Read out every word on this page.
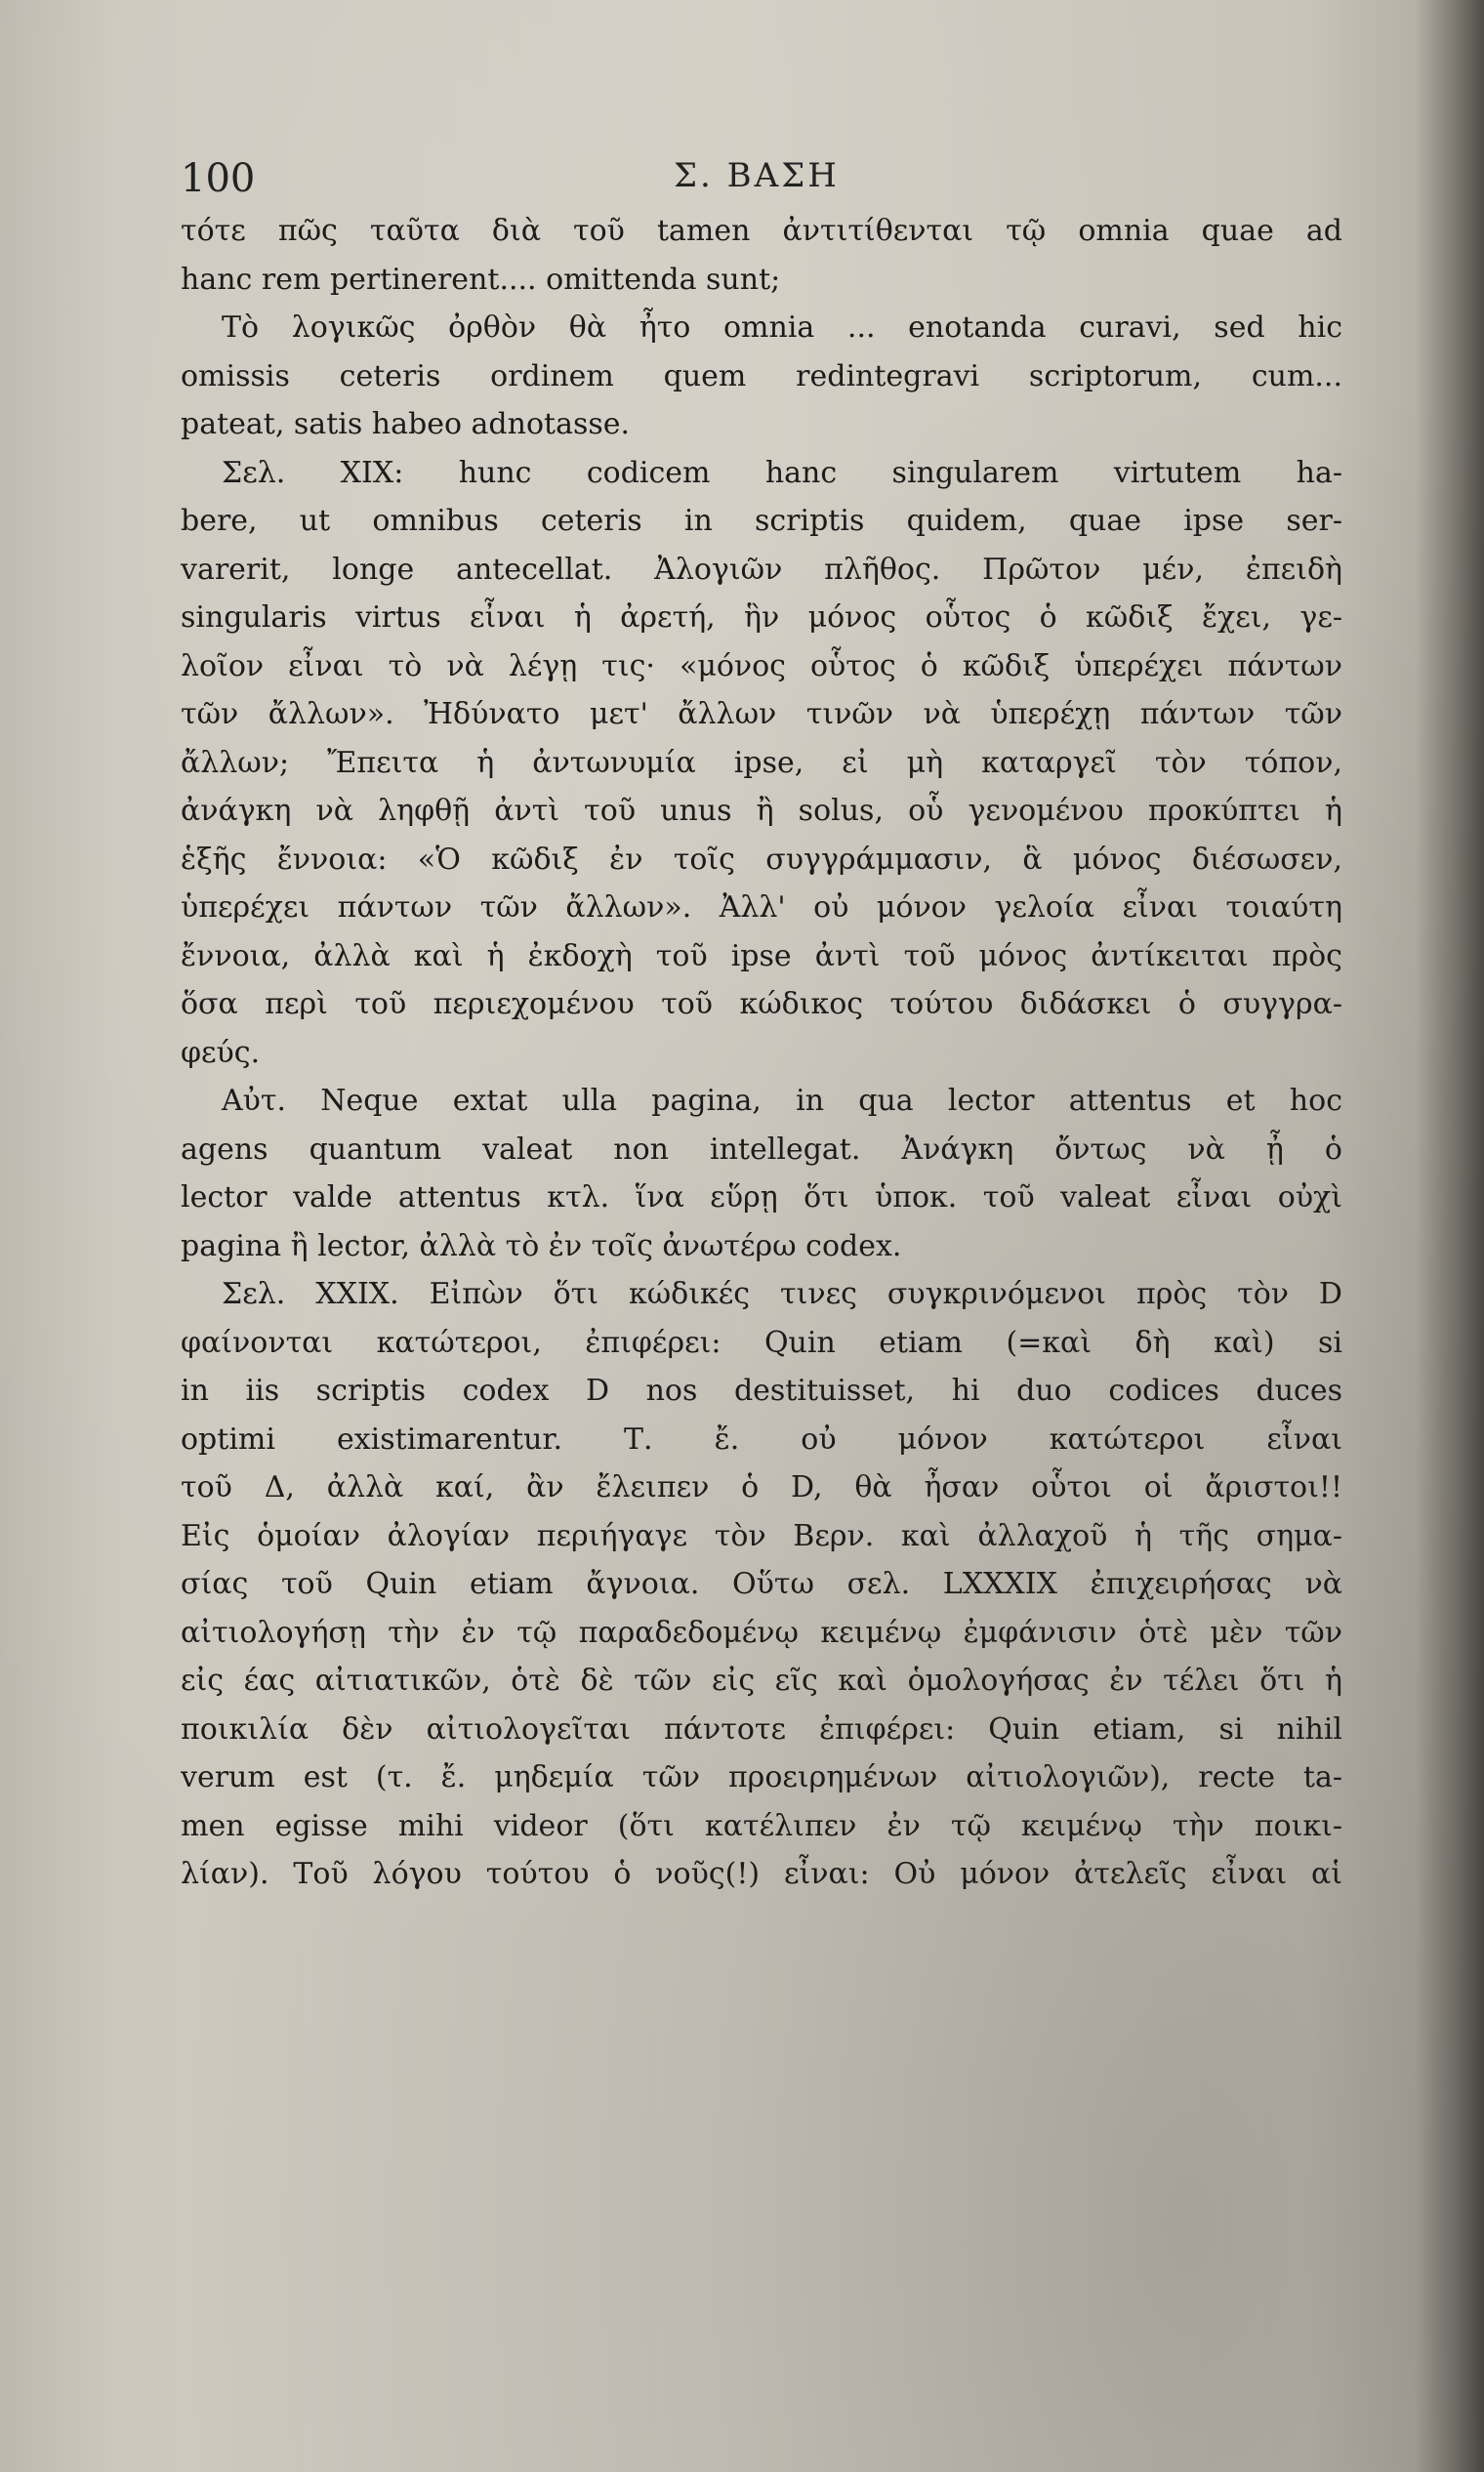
100	Σ. ΒΑΣΗ
τότε πῶς ταῦτα διὰ τοῦ tamen ἀντιτίθενται τῷ omnia quae ad
hanc rem pertinerent.... omittenda sunt;
Τὸ λογικῶς ὀρθὸν θὰ ἦτο omnia ... enotanda curavi, sed hic
omissis ceteris ordinem quem redintegravi scriptorum, cum...
pateat, satis habeo adnotasse.
Σελ. XIX: hunc codicem hanc singularem virtutem ha-
bere, ut omnibus ceteris in scriptis quidem, quae ipse ser-
varerit, longe antecellat. Ἀλογιῶν πλῆθος. Πρῶτον μέν, ἐπειδὴ
singularis virtus εἶναι ἡ ἀρετή, ἣν μόνος οὗτος ὁ κῶδιξ ἔχει, γε-
λοῖον εἶναι τὸ νὰ λέγῃ τις· «μόνος οὗτος ὁ κῶδιξ ὑπερέχει πάντων
τῶν ἄλλων». Ἠδύνατο μετ' ἄλλων τινῶν νὰ ὑπερέχῃ πάντων τῶν
ἄλλων; Ἔπειτα ἡ ἀντωνυμία ipse, εἰ μὴ καταργεῖ τὸν τόπον,
ἀνάγκη νὰ ληφθῇ ἀντὶ τοῦ unus ἢ solus, οὗ γενομένου προκύπτει ἡ
ἑξῆς ἔννοια: «Ὁ κῶδιξ ἐν τοῖς συγγράμμασιν, ἃ μόνος διέσωσεν,
ὑπερέχει πάντων τῶν ἄλλων». Ἀλλ' οὐ μόνον γελοία εἶναι τοιαύτη
ἔννοια, ἀλλὰ καὶ ἡ ἐκδοχὴ τοῦ ipse ἀντὶ τοῦ μόνος ἀντίκειται πρὸς
ὅσα περὶ τοῦ περιεχομένου τοῦ κώδικος τούτου διδάσκει ὁ συγγρα-
φεύς.
Αὐτ. Neque extat ulla pagina, in qua lector attentus et hoc
agens quantum valeat non intellegat. Ἀνάγκη ὄντως νὰ ᾖ ὁ
lector valde attentus κτλ. ἵνα εὕρῃ ὅτι ὑποκ. τοῦ valeat εἶναι οὐχὶ
pagina ἢ lector, ἀλλὰ τὸ ἐν τοῖς ἀνωτέρω codex.
Σελ. XXIX. Εἰπὼν ὅτι κώδικές τινες συγκρινόμενοι πρὸς τὸν D
φαίνονται κατώτεροι, ἐπιφέρει: Quin etiam (=καὶ δὴ καὶ) si
in iis scriptis codex D nos destituisset, hi duo codices duces
optimi existimarentur. Τ. ἔ. οὐ μόνον κατώτεροι εἶναι
τοῦ Δ, ἀλλὰ καί, ἂν ἔλειπεν ὁ D, θὰ ἦσαν οὗτοι οἱ ἄριστοι!!
Εἰς ὁμοίαν ἀλογίαν περιήγαγε τὸν Βερν. καὶ ἀλλαχοῦ ἡ τῆς σημα-
σίας τοῦ Quin etiam ἄγνοια. Οὕτω σελ. LXXXIX ἐπιχειρήσας νὰ
αἰτιολογήσῃ τὴν ἐν τῷ παραδεδομένῳ κειμένῳ ἐμφάνισιν ὁτὲ μὲν τῶν
εἰς έας αἰτιατικῶν, ὁτὲ δὲ τῶν εἰς εῖς καὶ ὁμολογήσας ἐν τέλει ὅτι ἡ
ποικιλία δὲν αἰτιολογεῖται πάντοτε ἐπιφέρει: Quin etiam, si nihil
verum est (τ. ἔ. μηδεμία τῶν προειρημένων αἰτιολογιῶν), recte ta-
men egisse mihi videor (ὅτι κατέλιπεν ἐν τῷ κειμένῳ τὴν ποικι-
λίαν). Τοῦ λόγου τούτου ὁ νοῦς(!) εἶναι: Οὐ μόνον ἀτελεῖς εἶναι αἱ
